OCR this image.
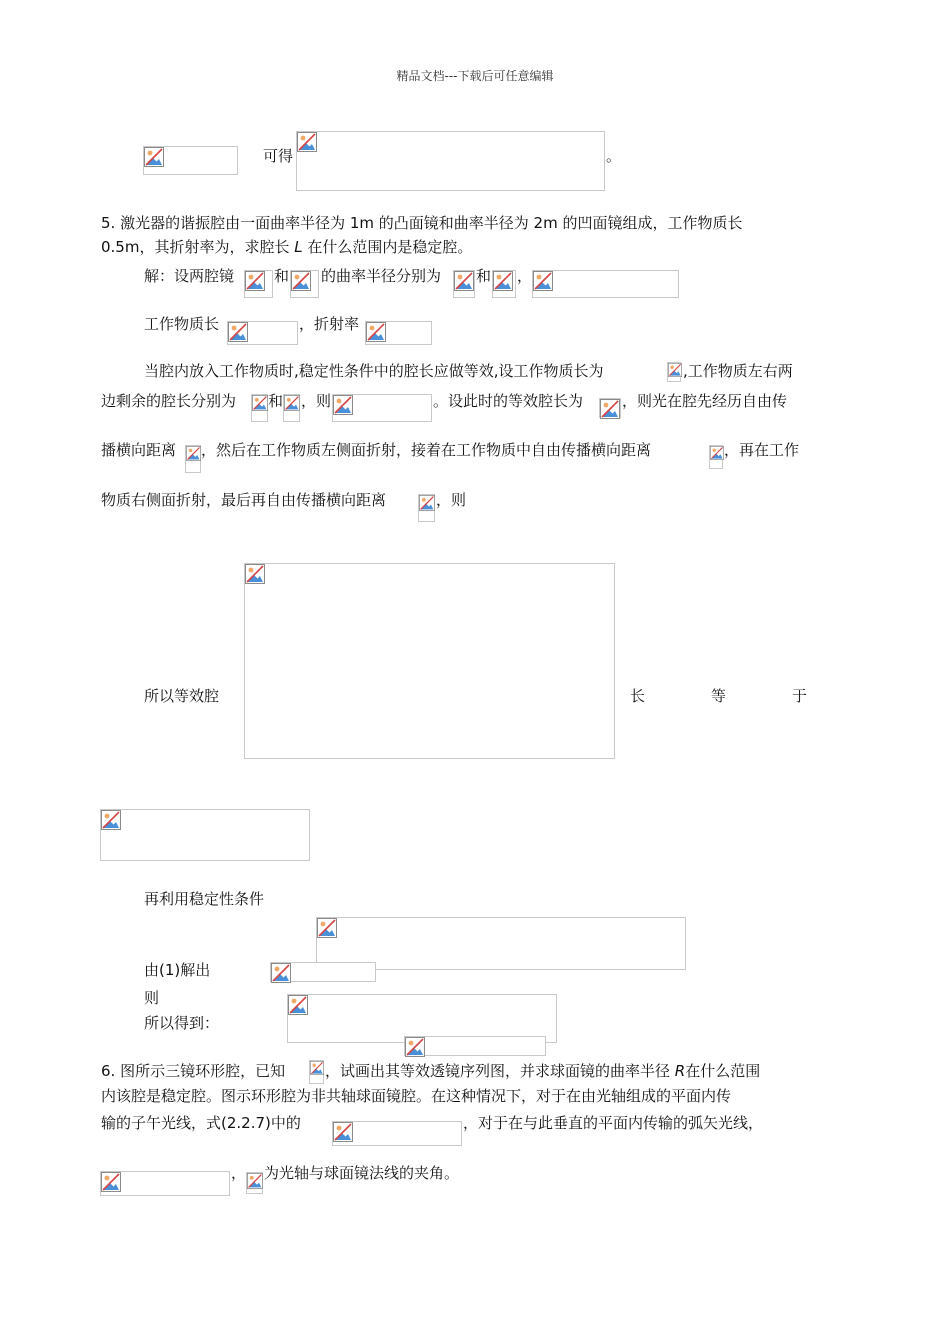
精品文档---下载后可任意编辑
可得	。
5. 激光器的谐振腔由一面曲率半径为 1m 的凸面镜和曲率半径为 2m 的凹面镜组成，工作物质长
0.5m，其折射率为，求腔长 L 在什么范围内是稳定腔。
解：设两腔镜	和 的曲率半径分别为 和 ，
工作物质长	，折射率
当腔内放入工作物质时,稳定性条件中的腔长应做等效,设工作物质长为	,工作物质左右两
边剩余的腔长分别为 和 ，则	。设此时的等效腔长为	，则光在腔先经历自由传
播横向距离 ，然后在工作物质左侧面折射，接着在工作物质中自由传播横向距离	，再在工作
物质右侧面折射，最后再自由传播横向距离	，则
所以等效腔	长	等	于
再利用稳定性条件
由(1)解出
则
所以得到：
6. 图所示三镜环形腔，已知	，试画出其等效透镜序列图，并求球面镜的曲率半径 R在什么范围
内该腔是稳定腔。图示环形腔为非共轴球面镜腔。在这种情况下，对于在由光轴组成的平面内传
输的子午光线，式(2.2.7)中的	，对于在与此垂直的平面内传输的弧矢光线，
， 为光轴与球面镜法线的夹角。
